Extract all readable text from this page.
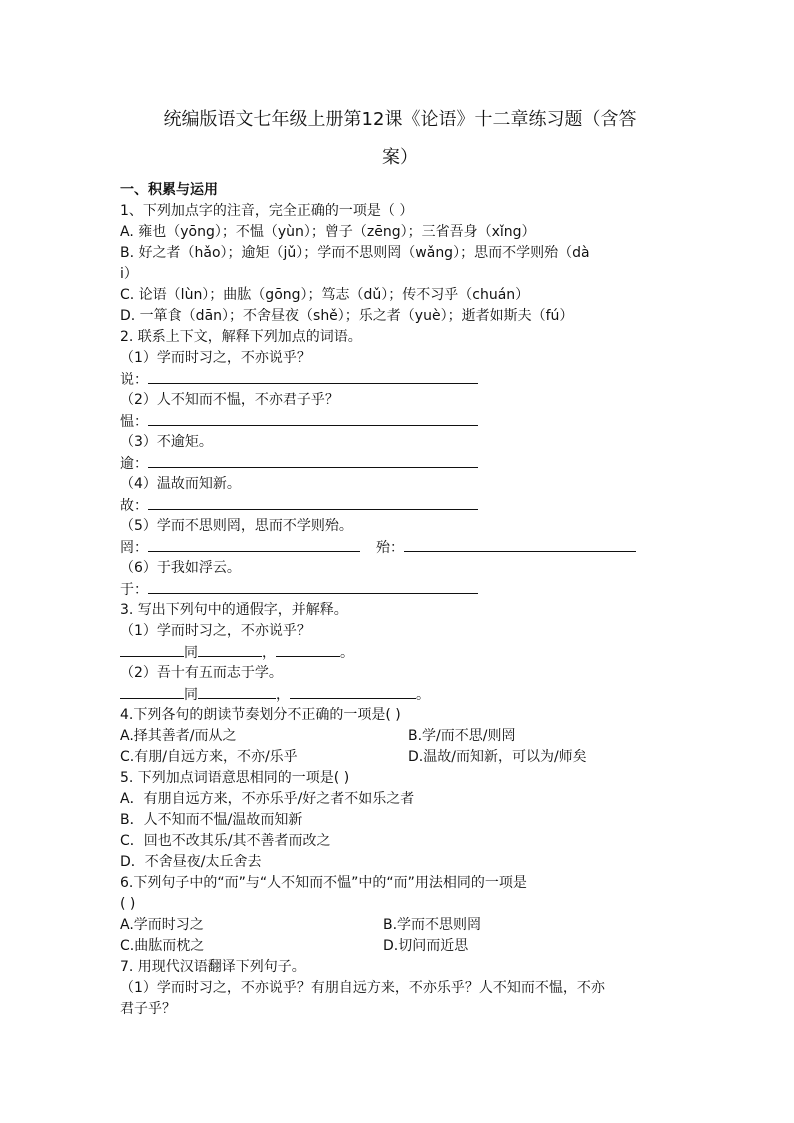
统编版语文七年级上册第12课《论语》十二章练习题（含答
案）
一、积累与运用
1、下列加点字的注音，完全正确的一项是（ ）
A. 雍也（yōng）；不愠（yùn）；曾子（zēng）；三省吾身（xǐng）
B. 好之者（hǎo）；逾矩（jǔ）；学而不思则罔（wǎng）；思而不学则殆（dà
i）
C. 论语（lùn）；曲肱（gōng）；笃志（dǔ）；传不习乎（chuán）
D. 一箪食（dān）；不舍昼夜（shě）；乐之者（yuè）；逝者如斯夫（fú）
2. 联系上下文，解释下列加点的词语。
（1）学而时习之，不亦说乎？
说：
（2）人不知而不愠，不亦君子乎？
愠：
（3）不逾矩。
逾：
（4）温故而知新。
故：
（5）学而不思则罔，思而不学则殆。
罔：	殆：
（6）于我如浮云。
于：
3. 写出下列句中的通假字，并解释。
（1）学而时习之，不亦说乎？
同	，	。
（2）吾十有五而志于学。
同	，	。
4.下列各句的朗读节奏划分不正确的一项是( )
A.择其善者/而从之	B.学/而不思/则罔
C.有朋/自远方来，不亦/乐乎	D.温故/而知新，可以为/师矣
5. 下列加点词语意思相同的一项是( )
A．有朋自远方来，不亦乐乎/好之者不如乐之者
B．人不知而不愠/温故而知新
C．回也不改其乐/其不善者而改之
D．不舍昼夜/太丘舍去
6.下列句子中的“而”与“人不知而不愠”中的“而”用法相同的一项是
( )
A.学而时习之	B.学而不思则罔
C.曲肱而枕之	D.切问而近思
7. 用现代汉语翻译下列句子。
（1）学而时习之，不亦说乎？有朋自远方来，不亦乐乎？人不知而不愠，不亦
君子乎？
